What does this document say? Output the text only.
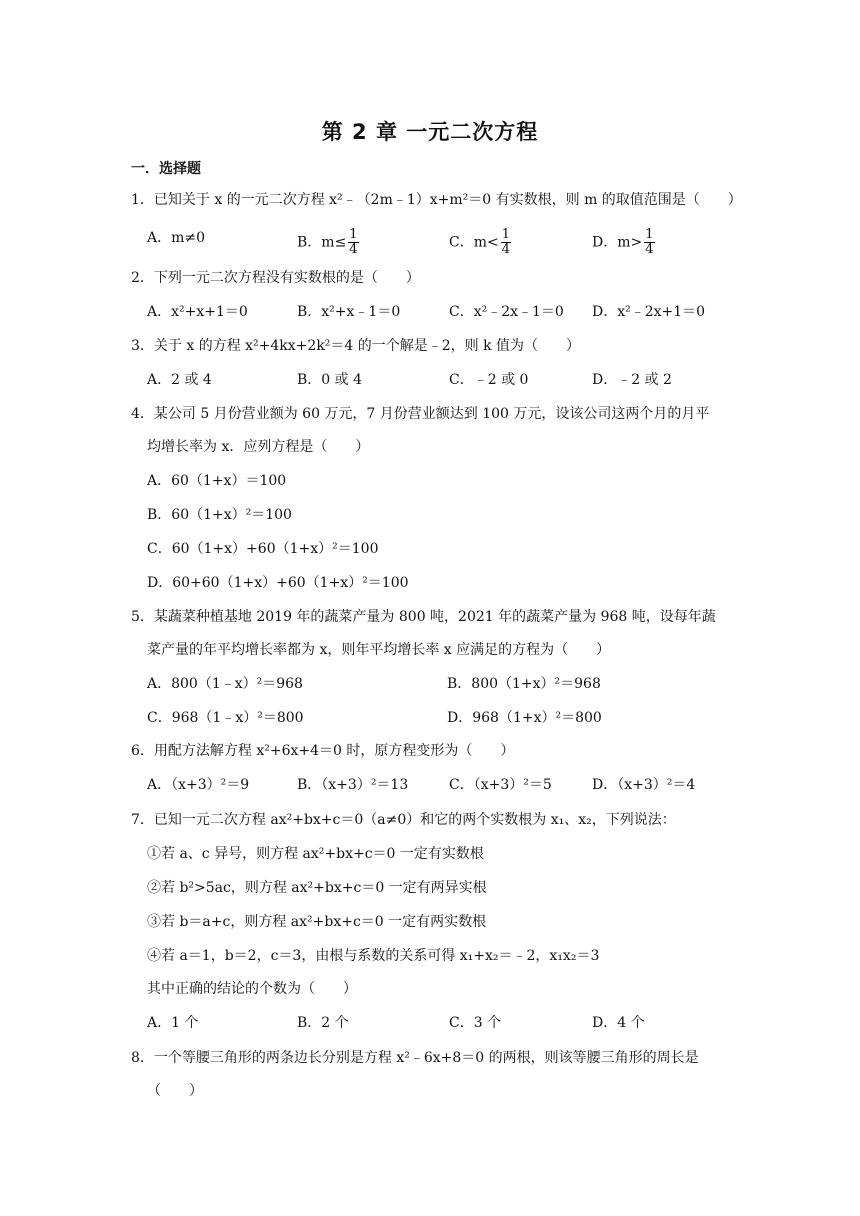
第 2 章 一元二次方程
一．选择题
1．已知关于 x 的一元二次方程 x²﹣（2m﹣1）x+m²＝0 有实数根，则 m 的取值范围是（　　）
A．m≠0	B．$m\le \frac{1}{4}$	C．$m< \frac{1}{4}$	D．$m> \frac{1}{4}$
2．下列一元二次方程没有实数根的是（　　）
A．x²+x+1＝0	B．x²+x﹣1＝0	C．x²﹣2x﹣1＝0 D．x²﹣2x+1＝0
3．关于 x 的方程 x²+4kx+2k²＝4 的一个解是﹣2，则 k 值为（　　）
A．2 或 4	B．0 或 4	C．﹣2 或 0	D．﹣2 或 2
4．某公司 5 月份营业额为 60 万元，7 月份营业额达到 100 万元，设该公司这两个月的月平
均增长率为 x．应列方程是（　　）
A．60（1+x）＝100
B．60（1+x）²＝100
C．60（1+x）+60（1+x）²＝100
D．60+60（1+x）+60（1+x）²＝100
5．某蔬菜种植基地 2019 年的蔬菜产量为 800 吨，2021 年的蔬菜产量为 968 吨，设每年蔬
菜产量的年平均增长率都为 x，则年平均增长率 x 应满足的方程为（　　）
A．800（1﹣x）²＝968	B．800（1+x）²＝968
C．968（1﹣x）²＝800	D．968（1+x）²＝800
6．用配方法解方程 x²+6x+4＝0 时，原方程变形为（　　）
A．（x+3）²＝9	B．（x+3）²＝13	C．（x+3）²＝5	D．（x+3）²＝4
7．已知一元二次方程 ax²+bx+c＝0（a≠0）和它的两个实数根为 x₁、x₂，下列说法：
①若 a、c 异号，则方程 ax²+bx+c＝0 一定有实数根
②若 b²>5ac，则方程 ax²+bx+c＝0 一定有两异实根
③若 b＝a+c，则方程 ax²+bx+c＝0 一定有两实数根
④若 a＝1，b＝2，c＝3，由根与系数的关系可得 x₁+x₂＝﹣2，x₁x₂＝3
其中正确的结论的个数为（　　）
A．1 个	B．2 个	C．3 个	D．4 个
8．一个等腰三角形的两条边长分别是方程 x²﹣6x+8＝0 的两根，则该等腰三角形的周长是
（　　）
